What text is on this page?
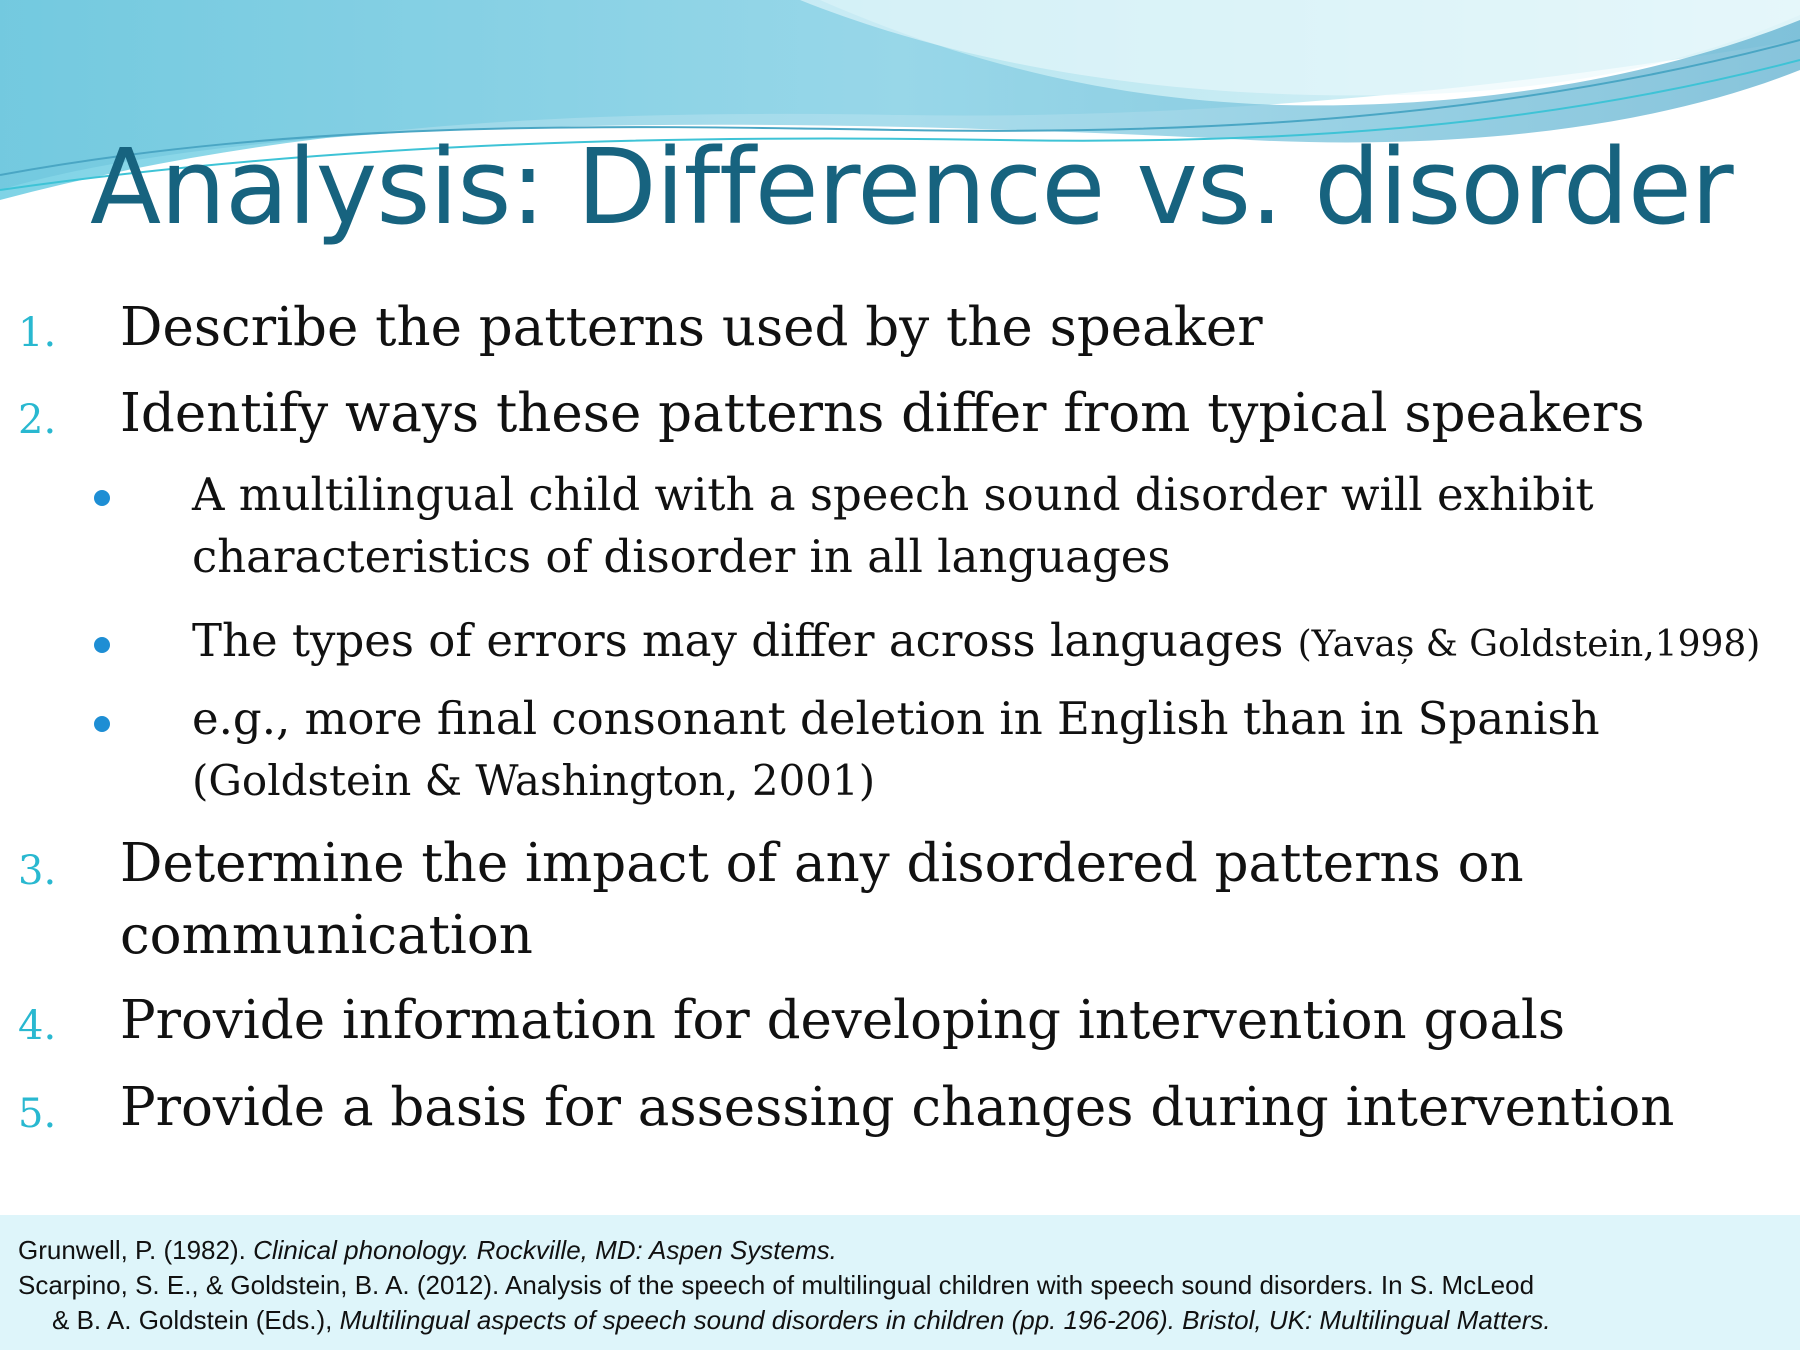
Analysis: Difference vs. disorder
1. Describe the patterns used by the speaker
2. Identify ways these patterns differ from typical speakers
A multilingual child with a speech sound disorder will exhibit characteristics of disorder in all languages
The types of errors may differ across languages (Yavaș & Goldstein,1998)
e.g., more final consonant deletion in English than in Spanish
(Goldstein & Washington, 2001)
3. Determine the impact of any disordered patterns on communication
4. Provide information for developing intervention goals
5. Provide a basis for assessing changes during intervention
Grunwell, P. (1982). Clinical phonology. Rockville, MD: Aspen Systems.
Scarpino, S. E., & Goldstein, B. A. (2012). Analysis of the speech of multilingual children with speech sound disorders. In S. McLeod
& B. A. Goldstein (Eds.), Multilingual aspects of speech sound disorders in children (pp. 196-206). Bristol, UK: Multilingual Matters.
